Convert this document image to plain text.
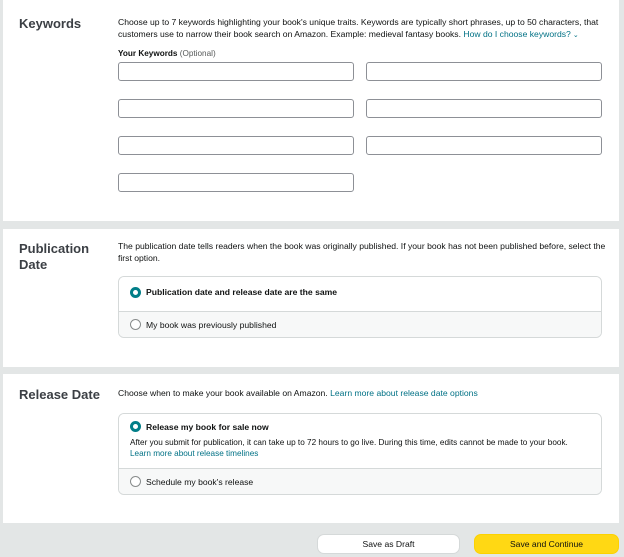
Keywords	Choose up to 7 keywords highlighting your book's unique traits. Keywords are typically short phrases, up to 50 characters, that customers use to narrow their book search on Amazon. Example: medieval fantasy books. How do I choose keywords? ⌄
Your Keywords (Optional)
Publication Date
The publication date tells readers when the book was originally published. If your book has not been published before, select the first option.
Publication date and release date are the same
My book was previously published
Release Date Choose when to make your book available on Amazon. Learn more about release date options
Release my book for sale now
After you submit for publication, it can take up to 72 hours to go live. During this time, edits cannot be made to your book.
Learn more about release timelines
Schedule my book's release
Save as Draft	Save and Continue
